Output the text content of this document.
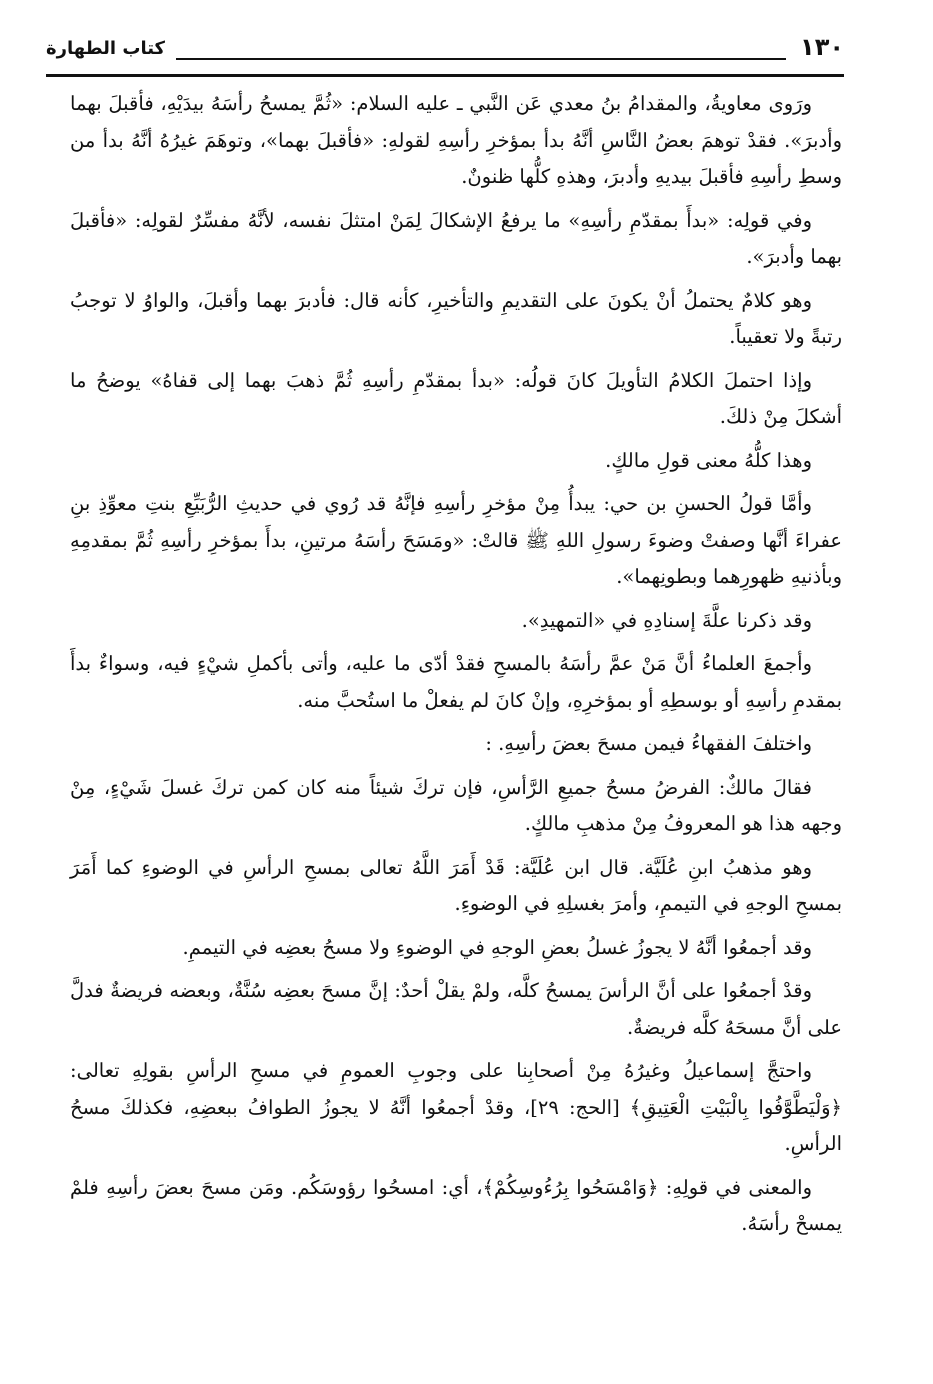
١٣٠
كتاب الطهارة

ورَوى معاويةُ، والمقدامُ بنُ معدي عَن النَّبي ـ عليه السلام: «ثُمَّ يمسحُ رأسَهُ بيدَيْهِ، فأقبلَ بهما وأدبرَ». فقدْ توهمَ بعضُ النَّاسِ أنَّهُ بدأ بمؤخرِ رأسِهِ لقولهِ: «فأقبلَ بهما»، وتوهَمَ غيرُهُ أنَّهُ بدأ من وسطِ رأسِهِ فأقبلَ بيديهِ وأدبرَ، وهذهِ كلُّها ظنونٌ.

وفي قولِه: «بدأَ بمقدّمِ رأسِهِ» ما يرفعُ الإشكالَ لِمَنْ امتثلَ نفسه، لأنَّهُ مفسِّرٌ لقولِه: «فأقبلَ بهما وأدبرَ».

وهو كلامٌ يحتملُ أنْ يكونَ على التقديمِ والتأخيرِ، كأنه قال: فأدبرَ بهما وأقبلَ، والواوُ لا توجبُ رتبةً ولا تعقيباً.

وإذا احتملَ الكلامُ التأويلَ كانَ قولُه: «بدأ بمقدّمِ رأسِهِ ثُمَّ ذهبَ بهما إلى قفاهُ» يوضحُ ما أشكلَ مِنْ ذلكَ.

وهذا كلُّهُ معنى قولِ مالكٍ.

وأمَّا قولُ الحسنِ بن حي: يبدأُ مِنْ مؤخرِ رأسِهِ فإنَّهُ قد رُوي في حديثِ الرُّبَيِّعِ بنتِ معوِّذِ بنِ عفراءَ أنَّها وصفتْ وضوءَ رسولِ اللهِ ﷺ قالتْ: «ومَسَحَ رأسَهُ مرتينِ، بدأَ بمؤخرِ رأسِهِ ثُمَّ بمقدمِهِ وبأذنيهِ ظهورِهما وبطونِهما».

وقد ذكرنا علَّةَ إسنادِهِ في «التمهيدِ».

وأجمعَ العلماءُ أنَّ مَنْ عمَّ رأسَهُ بالمسحِ فقدْ أدّى ما عليه، وأتى بأكملِ شيْءٍ فيه، وسواءٌ بدأَ بمقدمِ رأسِهِ أو بوسطِهِ أو بمؤخرِهِ، وإنْ كانَ لم يفعلْ ما استُحبَّ منه.

واختلفَ الفقهاءُ فيمن مسحَ بعضَ رأسِهِ. :

فقالَ مالكٌ: الفرضُ مسحُ جميعِ الرَّأسِ، فإن تركَ شيئاً منه كان كمن تركَ غسلَ شَيْءٍ، مِنْ وجهه هذا هو المعروفُ مِنْ مذهبِ مالكٍ.

وهو مذهبُ ابنِ عُلَيَّة. قال ابن عُلَيَّة: قَدْ أَمَرَ اللَّهُ تعالى بمسحِ الرأسِ في الوضوءِ كما أَمَرَ بمسحِ الوجهِ في التيممِ، وأمرَ بغسلِهِ في الوضوءِ.

وقد أجمعُوا أنَّهُ لا يجوزُ غسلُ بعضِ الوجهِ في الوضوءِ ولا مسحُ بعضِه في التيممِ.

وقدْ أجمعُوا على أنَّ الرأسَ يمسحُ كلَّه، ولمْ يقلْ أحدٌ: إنَّ مسحَ بعضِه سُنَّةٌ، وبعضه فريضةٌ فدلَّ على أنَّ مسحَهُ كلَّه فريضةٌ.

واحتجَّ إسماعيلُ وغيرُهُ مِنْ أصحابِنا على وجوبِ العمومِ في مسحِ الرأسِ بقولِهِ تعالى: ﴿وَلْيَطَّوَّفُوا بِالْبَيْتِ الْعَتِيقِ﴾ [الحج: ٢٩]، وقدْ أجمعُوا أنَّهُ لا يجوزُ الطوافُ ببعضِهِ، فكذلكَ مسحُ الرأسِ.

والمعنى في قولِهِ: ﴿وَامْسَحُوا بِرُءُوسِكُمْ﴾، أي: امسحُوا رؤوسَكُم. ومَن مسحَ بعضَ رأسِهِ فلمْ يمسحْ رأسَهُ.
